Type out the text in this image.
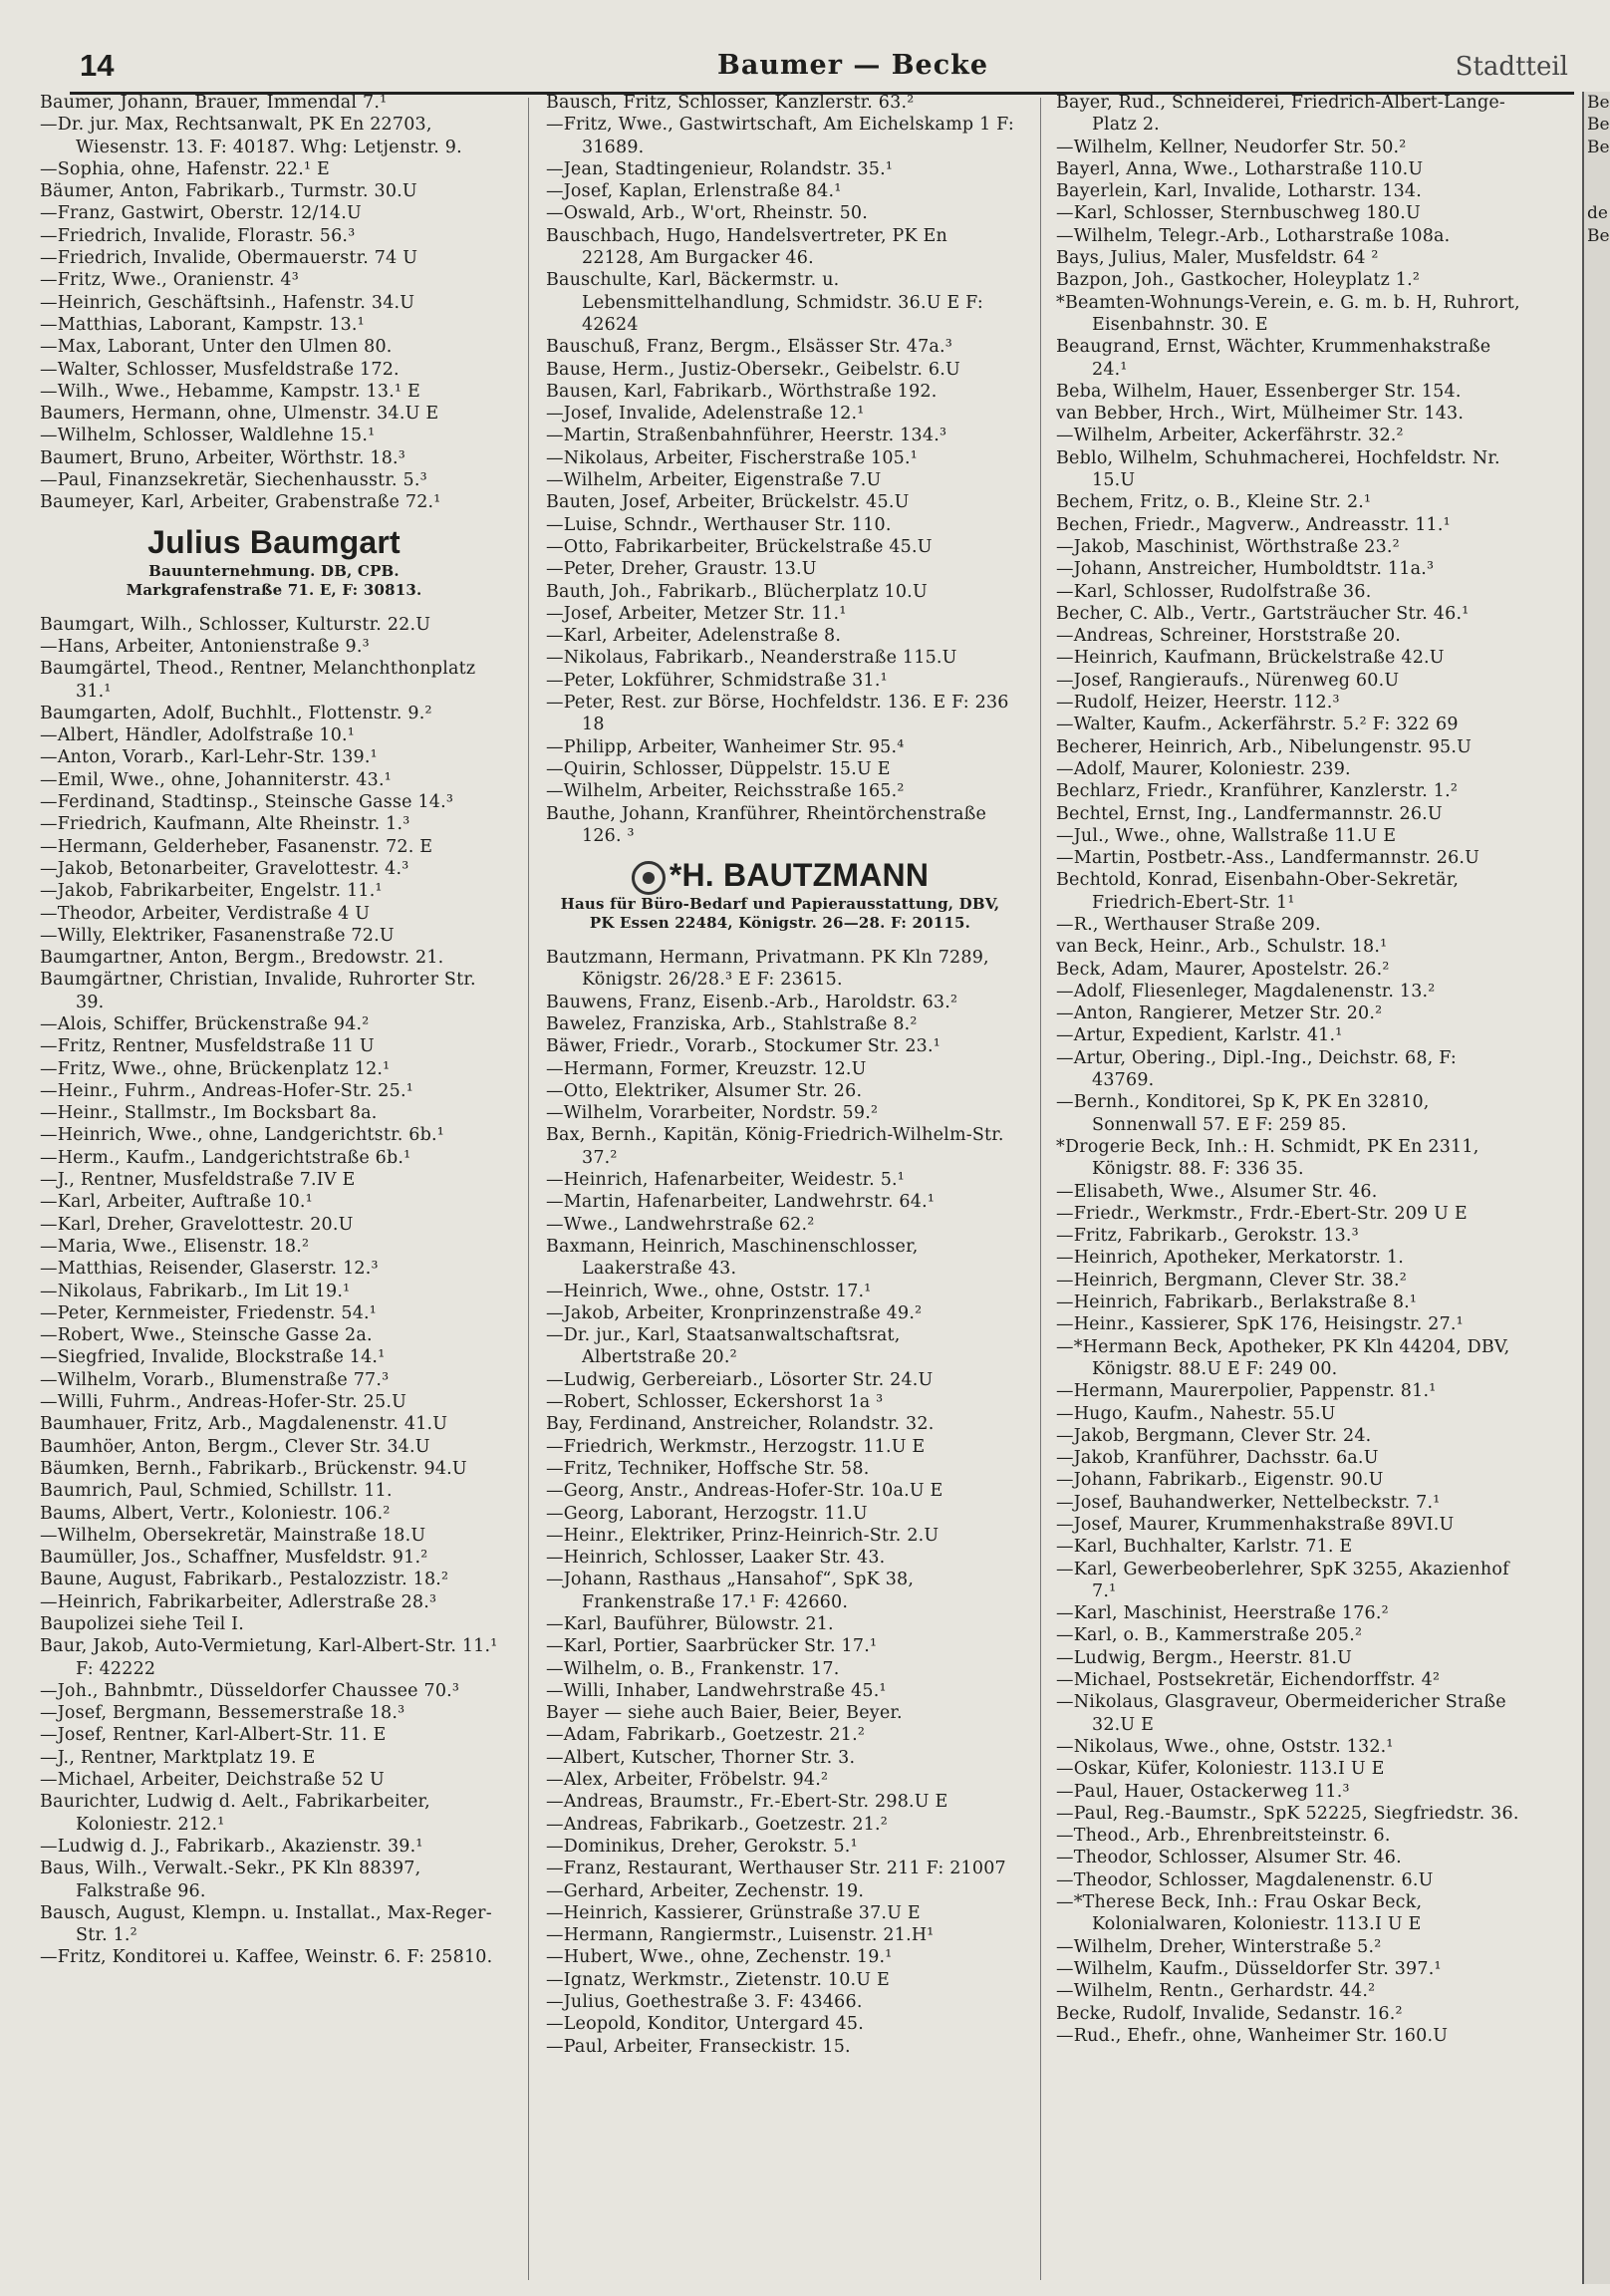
14	Baumer — Becke	Stadtteil

Baumer, Johann, Brauer, Immendal 7.¹

—Dr. jur. Max, Rechtsanwalt, PK En 22703, Wiesenstr. 13. F: 40187. Whg: Letjenstr. 9.

—Sophia, ohne, Hafenstr. 22.¹ E

Bäumer, Anton, Fabrikarb., Turmstr. 30.U

—Franz, Gastwirt, Oberstr. 12/14.U

—Friedrich, Invalide, Florastr. 56.³

—Friedrich, Invalide, Obermauerstr. 74 U

—Fritz, Wwe., Oranienstr. 4³

—Heinrich, Geschäftsinh., Hafenstr. 34.U

—Matthias, Laborant, Kampstr. 13.¹

—Max, Laborant, Unter den Ulmen 80.

—Walter, Schlosser, Musfeldstraße 172.

—Wilh., Wwe., Hebamme, Kampstr. 13.¹ E

Baumers, Hermann, ohne, Ulmenstr. 34.U E

—Wilhelm, Schlosser, Waldlehne 15.¹

Baumert, Bruno, Arbeiter, Wörthstr. 18.³

—Paul, Finanzsekretär, Siechenhausstr. 5.³

Baumeyer, Karl, Arbeiter, Grabenstraße 72.¹

Julius Baumgart
Bauunternehmung. DB, CPB.
Markgrafenstraße 71. E, F: 30813.

Baumgart, Wilh., Schlosser, Kulturstr. 22.U

—Hans, Arbeiter, Antonienstraße 9.³

Baumgärtel, Theod., Rentner, Melanchthonplatz 31.¹

Baumgarten, Adolf, Buchhlt., Flottenstr. 9.²

—Albert, Händler, Adolfstraße 10.¹

—Anton, Vorarb., Karl-Lehr-Str. 139.¹

—Emil, Wwe., ohne, Johanniterstr. 43.¹

—Ferdinand, Stadtinsp., Steinsche Gasse 14.³

—Friedrich, Kaufmann, Alte Rheinstr. 1.³

—Hermann, Gelderheber, Fasanenstr. 72. E

—Jakob, Betonarbeiter, Gravelottestr. 4.³

—Jakob, Fabrikarbeiter, Engelstr. 11.¹

—Theodor, Arbeiter, Verdistraße 4 U

—Willy, Elektriker, Fasanenstraße 72.U

Baumgartner, Anton, Bergm., Bredowstr. 21.

Baumgärtner, Christian, Invalide, Ruhrorter Str. 39.

—Alois, Schiffer, Brückenstraße 94.²

—Fritz, Rentner, Musfeldstraße 11 U

—Fritz, Wwe., ohne, Brückenplatz 12.¹

—Heinr., Fuhrm., Andreas-Hofer-Str. 25.¹

—Heinr., Stallmstr., Im Bocksbart 8a.

—Heinrich, Wwe., ohne, Landgerichtstr. 6b.¹

—Herm., Kaufm., Landgerichtstraße 6b.¹

—J., Rentner, Musfeldstraße 7.IV E

—Karl, Arbeiter, Auftraße 10.¹

—Karl, Dreher, Gravelottestr. 20.U

—Maria, Wwe., Elisenstr. 18.²

—Matthias, Reisender, Glaserstr. 12.³

—Nikolaus, Fabrikarb., Im Lit 19.¹

—Peter, Kernmeister, Friedenstr. 54.¹

—Robert, Wwe., Steinsche Gasse 2a.

—Siegfried, Invalide, Blockstraße 14.¹

—Wilhelm, Vorarb., Blumenstraße 77.³

—Willi, Fuhrm., Andreas-Hofer-Str. 25.U

Baumhauer, Fritz, Arb., Magdalenenstr. 41.U

Baumhöer, Anton, Bergm., Clever Str. 34.U

Bäumken, Bernh., Fabrikarb., Brückenstr. 94.U

Baumrich, Paul, Schmied, Schillstr. 11.

Baums, Albert, Vertr., Koloniestr. 106.²

—Wilhelm, Obersekretär, Mainstraße 18.U

Baumüller, Jos., Schaffner, Musfeldstr. 91.²

Baune, August, Fabrikarb., Pestalozzistr. 18.²

—Heinrich, Fabrikarbeiter, Adlerstraße 28.³

Baupolizei siehe Teil I.

Baur, Jakob, Auto-Vermietung, Karl-Albert-Str. 11.¹ F: 42222

—Joh., Bahnbmtr., Düsseldorfer Chaussee 70.³

—Josef, Bergmann, Bessemerstraße 18.³

—Josef, Rentner, Karl-Albert-Str. 11. E

—J., Rentner, Marktplatz 19. E

—Michael, Arbeiter, Deichstraße 52 U

Baurichter, Ludwig d. Aelt., Fabrikarbeiter, Koloniestr. 212.¹

—Ludwig d. J., Fabrikarb., Akazienstr. 39.¹

Baus, Wilh., Verwalt.-Sekr., PK Kln 88397, Falkstraße 96.

Bausch, August, Klempn. u. Installat., Max-Reger-Str. 1.²

—Fritz, Konditorei u. Kaffee, Weinstr. 6. F: 25810.

Bausch, Fritz, Schlosser, Kanzlerstr. 63.²

—Fritz, Wwe., Gastwirtschaft, Am Eichelskamp 1 F: 31689.

—Jean, Stadtingenieur, Rolandstr. 35.¹

—Josef, Kaplan, Erlenstraße 84.¹

—Oswald, Arb., W'ort, Rheinstr. 50.

Bauschbach, Hugo, Handelsvertreter, PK En 22128, Am Burgacker 46.

Bauschulte, Karl, Bäckermstr. u. Lebensmittelhandlung, Schmidstr. 36.U E F: 42624

Bauschuß, Franz, Bergm., Elsässer Str. 47a.³

Bause, Herm., Justiz-Obersekr., Geibelstr. 6.U

Bausen, Karl, Fabrikarb., Wörthstraße 192.

—Josef, Invalide, Adelenstraße 12.¹

—Martin, Straßenbahnführer, Heerstr. 134.³

—Nikolaus, Arbeiter, Fischerstraße 105.¹

—Wilhelm, Arbeiter, Eigenstraße 7.U

Bauten, Josef, Arbeiter, Brückelstr. 45.U

—Luise, Schndr., Werthauser Str. 110.

—Otto, Fabrikarbeiter, Brückelstraße 45.U

—Peter, Dreher, Graustr. 13.U

Bauth, Joh., Fabrikarb., Blücherplatz 10.U

—Josef, Arbeiter, Metzer Str. 11.¹

—Karl, Arbeiter, Adelenstraße 8.

—Nikolaus, Fabrikarb., Neanderstraße 115.U

—Peter, Lokführer, Schmidstraße 31.¹

—Peter, Rest. zur Börse, Hochfeldstr. 136. E F: 236 18

—Philipp, Arbeiter, Wanheimer Str. 95.⁴

—Quirin, Schlosser, Düppelstr. 15.U E

—Wilhelm, Arbeiter, Reichsstraße 165.²

Bauthe, Johann, Kranführer, Rheintörchenstraße 126. ³

*H. BAUTZMANN
Haus für Büro-Bedarf und Papierausstattung, DBV,
PK Essen 22484, Königstr. 26—28. F: 20115.

Bautzmann, Hermann, Privatmann. PK Kln 7289, Königstr. 26/28.³ E F: 23615.

Bauwens, Franz, Eisenb.-Arb., Haroldstr. 63.²

Bawelez, Franziska, Arb., Stahlstraße 8.²

Bäwer, Friedr., Vorarb., Stockumer Str. 23.¹

—Hermann, Former, Kreuzstr. 12.U

—Otto, Elektriker, Alsumer Str. 26.

—Wilhelm, Vorarbeiter, Nordstr. 59.²

Bax, Bernh., Kapitän, König-Friedrich-Wilhelm-Str. 37.²

—Heinrich, Hafenarbeiter, Weidestr. 5.¹

—Martin, Hafenarbeiter, Landwehrstr. 64.¹

—Wwe., Landwehrstraße 62.²

Baxmann, Heinrich, Maschinenschlosser, Laakerstraße 43.

—Heinrich, Wwe., ohne, Oststr. 17.¹

—Jakob, Arbeiter, Kronprinzenstraße 49.²

—Dr. jur., Karl, Staatsanwaltschaftsrat, Albertstraße 20.²

—Ludwig, Gerbereiarb., Lösorter Str. 24.U

—Robert, Schlosser, Eckershorst 1a ³

Bay, Ferdinand, Anstreicher, Rolandstr. 32.

—Friedrich, Werkmstr., Herzogstr. 11.U E

—Fritz, Techniker, Hoffsche Str. 58.

—Georg, Anstr., Andreas-Hofer-Str. 10a.U E

—Georg, Laborant, Herzogstr. 11.U

—Heinr., Elektriker, Prinz-Heinrich-Str. 2.U

—Heinrich, Schlosser, Laaker Str. 43.

—Johann, Rasthaus „Hansahof“, SpK 38, Frankenstraße 17.¹ F: 42660.

—Karl, Bauführer, Bülowstr. 21.

—Karl, Portier, Saarbrücker Str. 17.¹

—Wilhelm, o. B., Frankenstr. 17.

—Willi, Inhaber, Landwehrstraße 45.¹

Bayer — siehe auch Baier, Beier, Beyer.

—Adam, Fabrikarb., Goetzestr. 21.²

—Albert, Kutscher, Thorner Str. 3.

—Alex, Arbeiter, Fröbelstr. 94.²

—Andreas, Braumstr., Fr.-Ebert-Str. 298.U E

—Andreas, Fabrikarb., Goetzestr. 21.²

—Dominikus, Dreher, Gerokstr. 5.¹

—Franz, Restaurant, Werthauser Str. 211 F: 21007

—Gerhard, Arbeiter, Zechenstr. 19.

—Heinrich, Kassierer, Grünstraße 37.U E

—Hermann, Rangiermstr., Luisenstr. 21.H¹

—Hubert, Wwe., ohne, Zechenstr. 19.¹

—Ignatz, Werkmstr., Zietenstr. 10.U E

—Julius, Goethestraße 3. F: 43466.

—Leopold, Konditor, Untergard 45.

—Paul, Arbeiter, Franseckistr. 15.

Bayer, Rud., Schneiderei, Friedrich-Albert-Lange-Platz 2.

—Wilhelm, Kellner, Neudorfer Str. 50.²

Bayerl, Anna, Wwe., Lotharstraße 110.U

Bayerlein, Karl, Invalide, Lotharstr. 134.

—Karl, Schlosser, Sternbuschweg 180.U

—Wilhelm, Telegr.-Arb., Lotharstraße 108a.

Bays, Julius, Maler, Musfeldstr. 64 ²

Bazpon, Joh., Gastkocher, Holeyplatz 1.²

*Beamten-Wohnungs-Verein, e. G. m. b. H, Ruhrort, Eisenbahnstr. 30. E

Beaugrand, Ernst, Wächter, Krummenhakstraße 24.¹

Beba, Wilhelm, Hauer, Essenberger Str. 154.

van Bebber, Hrch., Wirt, Mülheimer Str. 143.

—Wilhelm, Arbeiter, Ackerfährstr. 32.²

Beblo, Wilhelm, Schuhmacherei, Hochfeldstr. Nr. 15.U

Bechem, Fritz, o. B., Kleine Str. 2.¹

Bechen, Friedr., Magverw., Andreasstr. 11.¹

—Jakob, Maschinist, Wörthstraße 23.²

—Johann, Anstreicher, Humboldtstr. 11a.³

—Karl, Schlosser, Rudolfstraße 36.

Becher, C. Alb., Vertr., Gartsträucher Str. 46.¹

—Andreas, Schreiner, Horststraße 20.

—Heinrich, Kaufmann, Brückelstraße 42.U

—Josef, Rangieraufs., Nürenweg 60.U

—Rudolf, Heizer, Heerstr. 112.³

—Walter, Kaufm., Ackerfährstr. 5.² F: 322 69

Becherer, Heinrich, Arb., Nibelungenstr. 95.U

—Adolf, Maurer, Koloniestr. 239.

Bechlarz, Friedr., Kranführer, Kanzlerstr. 1.²

Bechtel, Ernst, Ing., Landfermannstr. 26.U

—Jul., Wwe., ohne, Wallstraße 11.U E

—Martin, Postbetr.-Ass., Landfermannstr. 26.U

Bechtold, Konrad, Eisenbahn-Ober-Sekretär, Friedrich-Ebert-Str. 1¹

—R., Werthauser Straße 209.

van Beck, Heinr., Arb., Schulstr. 18.¹

Beck, Adam, Maurer, Apostelstr. 26.²

—Adolf, Fliesenleger, Magdalenenstr. 13.²

—Anton, Rangierer, Metzer Str. 20.²

—Artur, Expedient, Karlstr. 41.¹

—Artur, Obering., Dipl.-Ing., Deichstr. 68, F: 43769.

—Bernh., Konditorei, Sp K, PK En 32810, Sonnenwall 57. E F: 259 85.

*Drogerie Beck, Inh.: H. Schmidt, PK En 2311, Königstr. 88. F: 336 35.

—Elisabeth, Wwe., Alsumer Str. 46.

—Friedr., Werkmstr., Frdr.-Ebert-Str. 209 U E

—Fritz, Fabrikarb., Gerokstr. 13.³

—Heinrich, Apotheker, Merkatorstr. 1.

—Heinrich, Bergmann, Clever Str. 38.²

—Heinrich, Fabrikarb., Berlakstraße 8.¹

—Heinr., Kassierer, SpK 176, Heisingstr. 27.¹

—*Hermann Beck, Apotheker, PK Kln 44204, DBV, Königstr. 88.U E F: 249 00.

—Hermann, Maurerpolier, Pappenstr. 81.¹

—Hugo, Kaufm., Nahestr. 55.U

—Jakob, Bergmann, Clever Str. 24.

—Jakob, Kranführer, Dachsstr. 6a.U

—Johann, Fabrikarb., Eigenstr. 90.U

—Josef, Bauhandwerker, Nettelbeckstr. 7.¹

—Josef, Maurer, Krummenhakstraße 89VI.U

—Karl, Buchhalter, Karlstr. 71. E

—Karl, Gewerbeoberlehrer, SpK 3255, Akazienhof 7.¹

—Karl, Maschinist, Heerstraße 176.²

—Karl, o. B., Kammerstraße 205.²

—Ludwig, Bergm., Heerstr. 81.U

—Michael, Postsekretär, Eichendorffstr. 4²

—Nikolaus, Glasgraveur, Obermeidericher Straße 32.U E

—Nikolaus, Wwe., ohne, Oststr. 132.¹

—Oskar, Küfer, Koloniestr. 113.I U E

—Paul, Hauer, Ostackerweg 11.³

—Paul, Reg.-Baumstr., SpK 52225, Siegfriedstr. 36.

—Theod., Arb., Ehrenbreitsteinstr. 6.

—Theodor, Schlosser, Alsumer Str. 46.

—Theodor, Schlosser, Magdalenenstr. 6.U

—*Therese Beck, Inh.: Frau Oskar Beck, Kolonialwaren, Koloniestr. 113.I U E

—Wilhelm, Dreher, Winterstraße 5.²

—Wilhelm, Kaufm., Düsseldorfer Str. 397.¹

—Wilhelm, Rentn., Gerhardstr. 44.²

Becke, Rudolf, Invalide, Sedanstr. 16.²

—Rud., Ehefr., ohne, Wanheimer Str. 160.U

Be
Be
Be
de
Be
